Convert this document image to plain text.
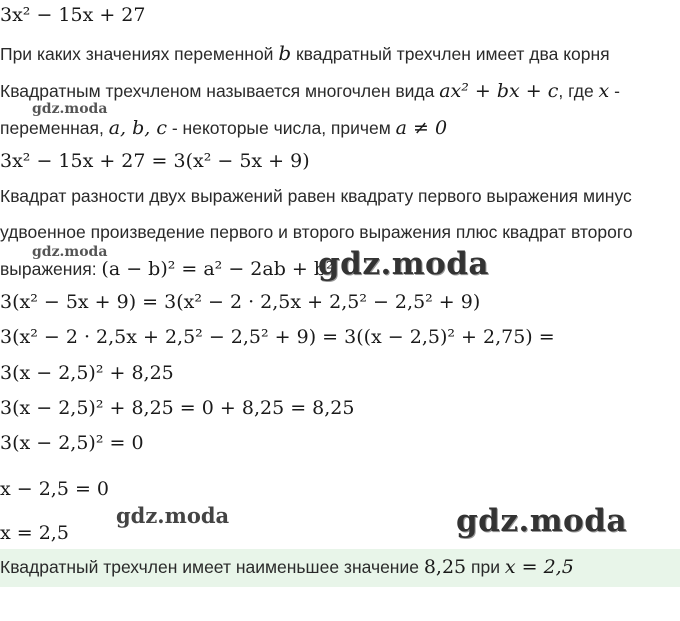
3x² − 15x + 27
При каких значениях переменной b квадратный трехчлен имеет два корня
Квадратным трехчленом называется многочлен вида ax² + bx + c, где x -
переменная, a, b, c - некоторые числа, причем a ≠ 0
3x² − 15x + 27 = 3(x² − 5x + 9)
Квадрат разности двух выражений равен квадрату первого выражения минус
удвоенное произведение первого и второго выражения плюс квадрат второго
выражения: (a − b)² = a² − 2ab + b²
3(x² − 5x + 9) = 3(x² − 2 · 2,5x + 2,5² − 2,5² + 9)
3(x² − 2 · 2,5x + 2,5² − 2,5² + 9) = 3((x − 2,5)² + 2,75) =
3(x − 2,5)² + 8,25
3(x − 2,5)² + 8,25 = 0 + 8,25 = 8,25
3(x − 2,5)² = 0
x − 2,5 = 0
x = 2,5
Квадратный трехчлен имеет наименьшее значение 8,25 при x = 2,5
gdz.moda
gdz.moda	gdz.moda
gdz.moda	gdz.moda
